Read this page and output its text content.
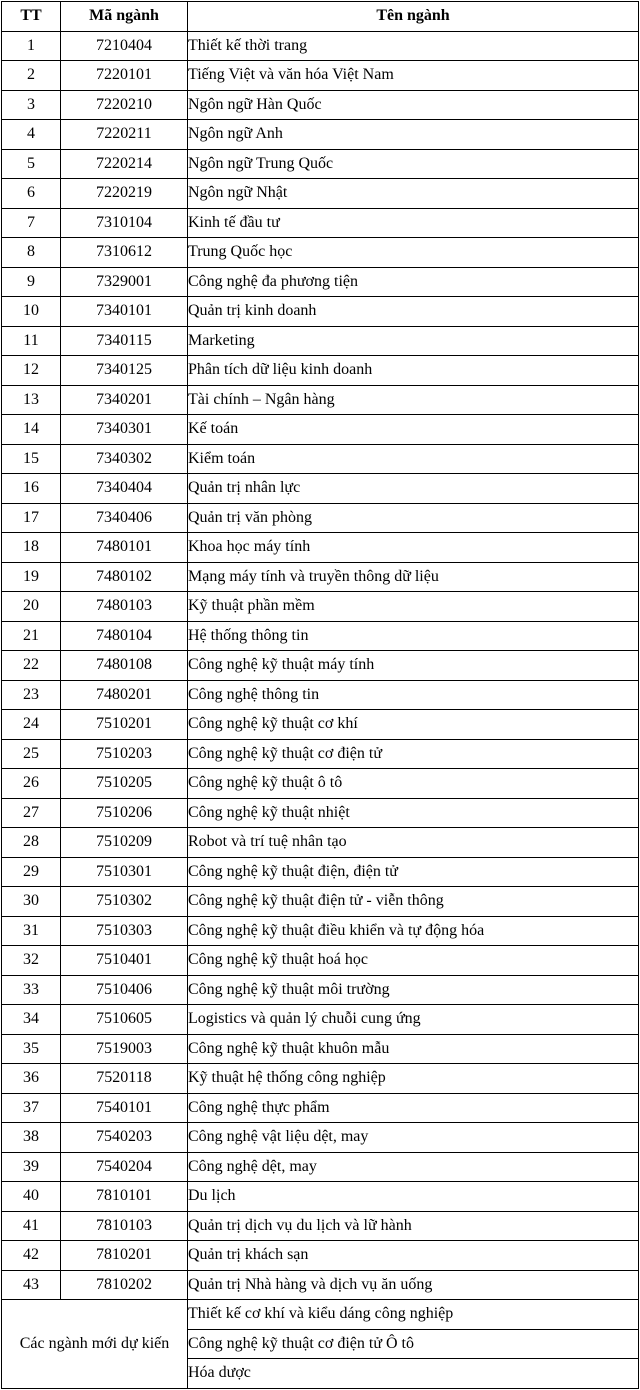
TT	Mã ngành	Tên ngành
1	7210404	Thiết kế thời trang
2	7220101	Tiếng Việt và văn hóa Việt Nam
3	7220210	Ngôn ngữ Hàn Quốc
4	7220211	Ngôn ngữ Anh
5	7220214	Ngôn ngữ Trung Quốc
6	7220219	Ngôn ngữ Nhật
7	7310104	Kinh tế đầu tư
8	7310612	Trung Quốc học
9	7329001	Công nghệ đa phương tiện
10	7340101	Quản trị kinh doanh
11	7340115	Marketing
12	7340125	Phân tích dữ liệu kinh doanh
13	7340201	Tài chính – Ngân hàng
14	7340301	Kế toán
15	7340302	Kiểm toán
16	7340404	Quản trị nhân lực
17	7340406	Quản trị văn phòng
18	7480101	Khoa học máy tính
19	7480102	Mạng máy tính và truyền thông dữ liệu
20	7480103	Kỹ thuật phần mềm
21	7480104	Hệ thống thông tin
22	7480108	Công nghệ kỹ thuật máy tính
23	7480201	Công nghệ thông tin
24	7510201	Công nghệ kỹ thuật cơ khí
25	7510203	Công nghệ kỹ thuật cơ điện tử
26	7510205	Công nghệ kỹ thuật ô tô
27	7510206	Công nghệ kỹ thuật nhiệt
28	7510209	Robot và trí tuệ nhân tạo
29	7510301	Công nghệ kỹ thuật điện, điện tử
30	7510302	Công nghệ kỹ thuật điện tử - viễn thông
31	7510303	Công nghệ kỹ thuật điều khiển và tự động hóa
32	7510401	Công nghệ kỹ thuật hoá học
33	7510406	Công nghệ kỹ thuật môi trường
34	7510605	Logistics và quản lý chuỗi cung ứng
35	7519003	Công nghệ kỹ thuật khuôn mẫu
36	7520118	Kỹ thuật hệ thống công nghiệp
37	7540101	Công nghệ thực phẩm
38	7540203	Công nghệ vật liệu dệt, may
39	7540204	Công nghệ dệt, may
40	7810101	Du lịch
41	7810103	Quản trị dịch vụ du lịch và lữ hành
42	7810201	Quản trị khách sạn
43	7810202	Quản trị Nhà hàng và dịch vụ ăn uống
Các ngành mới dự kiến		Thiết kế cơ khí và kiểu dáng công nghiệp
		Công nghệ kỹ thuật cơ điện tử Ô tô
		Hóa dược
